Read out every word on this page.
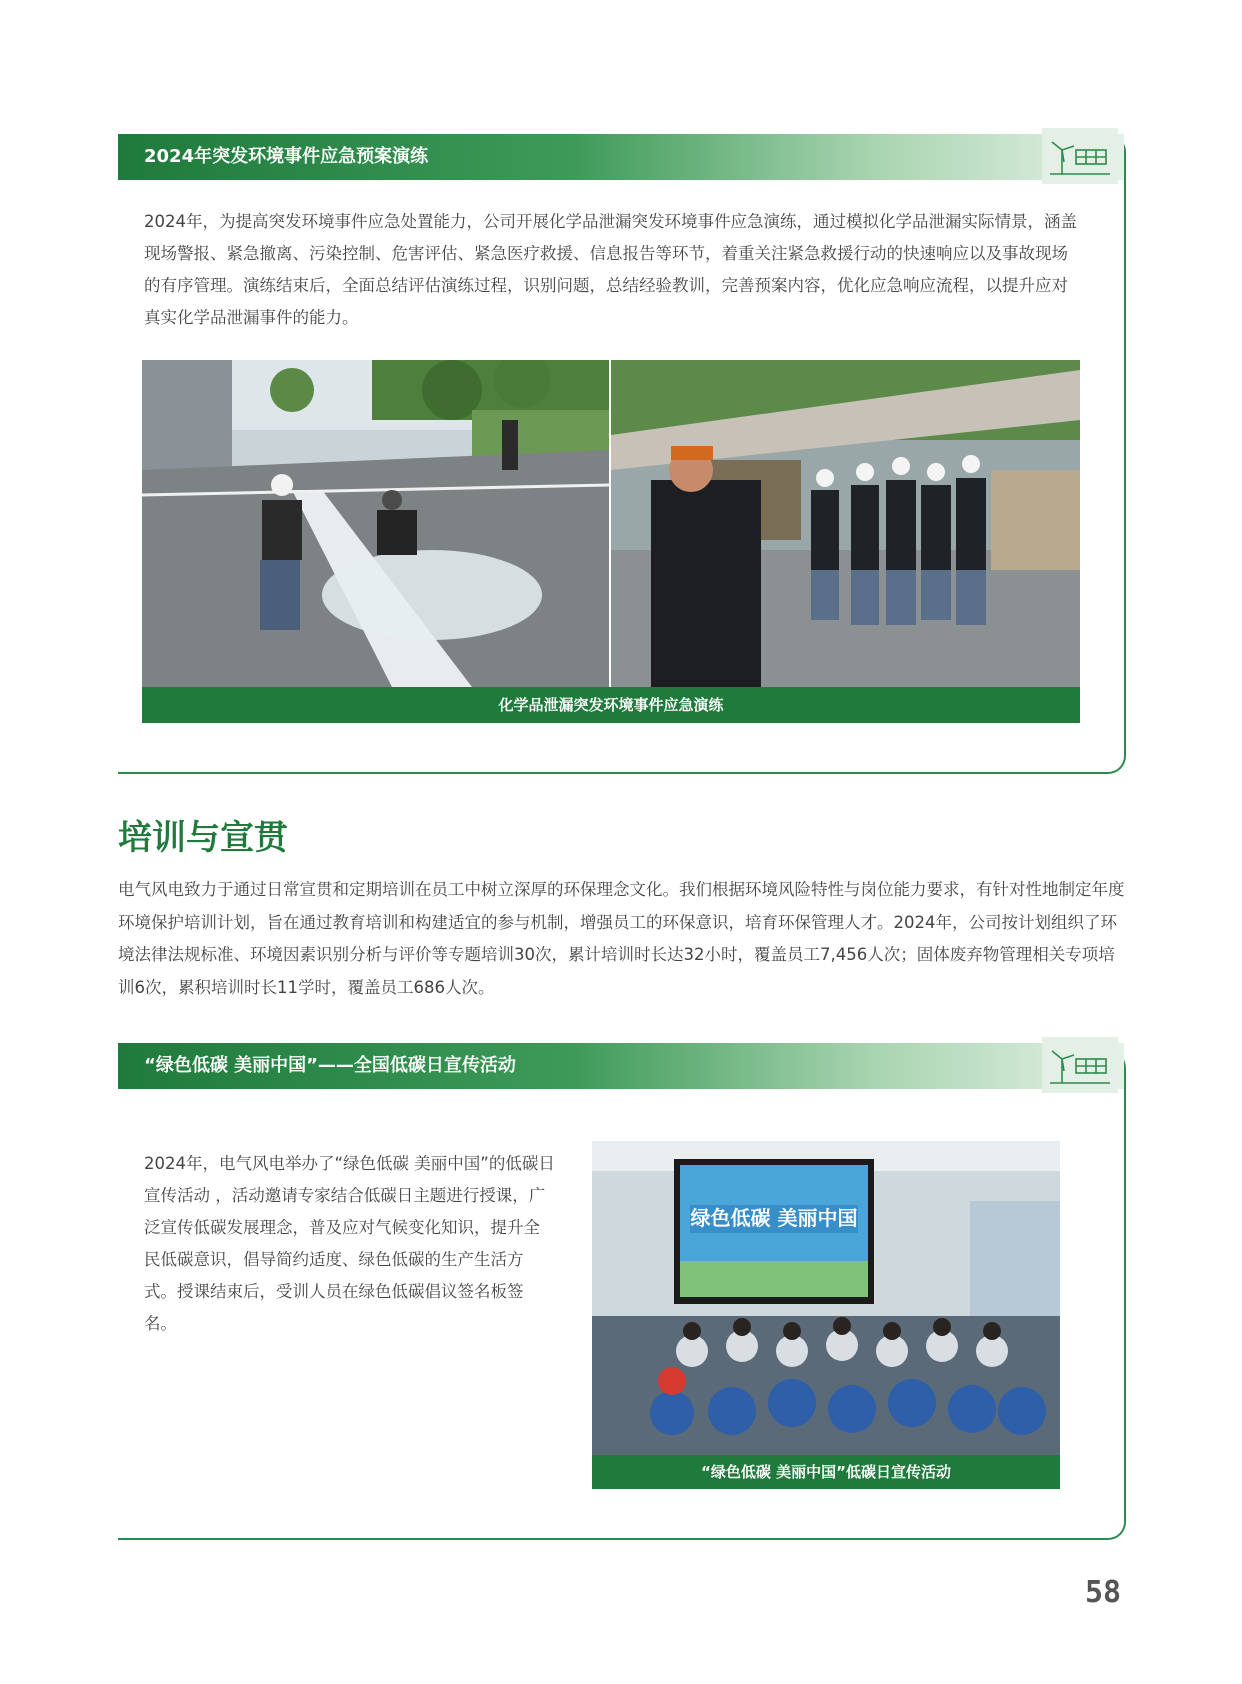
2024年突发环境事件应急预案演练
2024年，为提高突发环境事件应急处置能力，公司开展化学品泄漏突发环境事件应急演练，通过模拟化学品泄漏实际情景，涵盖现场警报、紧急撤离、污染控制、危害评估、紧急医疗救援、信息报告等环节，着重关注紧急救援行动的快速响应以及事故现场的有序管理。演练结束后，全面总结评估演练过程，识别问题，总结经验教训，完善预案内容，优化应急响应流程，以提升应对真实化学品泄漏事件的能力。
化学品泄漏突发环境事件应急演练
培训与宣贯
电气风电致力于通过日常宣贯和定期培训在员工中树立深厚的环保理念文化。我们根据环境风险特性与岗位能力要求，有针对性地制定年度环境保护培训计划，旨在通过教育培训和构建适宜的参与机制，增强员工的环保意识，培育环保管理人才。2024年，公司按计划组织了环境法律法规标准、环境因素识别分析与评价等专题培训30次，累计培训时长达32小时，覆盖员工7,456人次；固体废弃物管理相关专项培训6次，累积培训时长11学时，覆盖员工686人次。
“绿色低碳 美丽中国”——全国低碳日宣传活动
2024年，电气风电举办了“绿色低碳 美丽中国”的低碳日宣传活动 ，活动邀请专家结合低碳日主题进行授课，广泛宣传低碳发展理念，普及应对气候变化知识，提升全民低碳意识，倡导简约适度、绿色低碳的生产生活方式。授课结束后，受训人员在绿色低碳倡议签名板签名。
绿色低碳 美丽中国
“绿色低碳 美丽中国”低碳日宣传活动
58
